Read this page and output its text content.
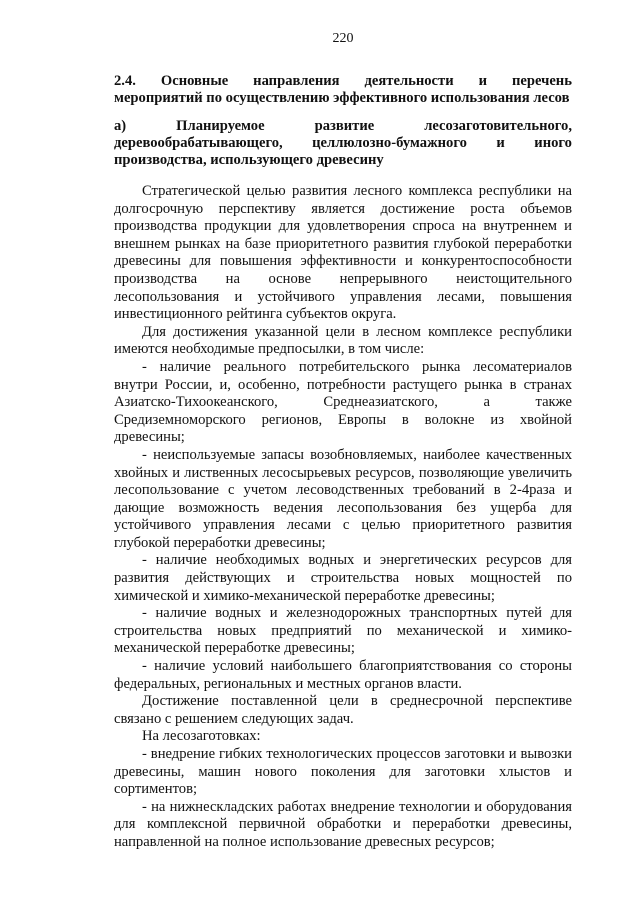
220
2.4. Основные направления деятельности и перечень
мероприятий по осуществлению эффективного использования лесов
а)	Планируемое	развитие	лесозаготовительного,
деревообрабатывающего, целлюлозно-бумажного и иного
производства, использующего древесину

Стратегической целью развития лесного комплекса республики на долгосрочную перспективу является достижение роста объемов производства продукции для удовлетворения спроса на внутреннем и внешнем рынках на базе приоритетного развития глубокой переработки древесины для повышения эффективности и конкурентоспособности производства на основе непрерывного неистощительного лесопользования и устойчивого управления лесами, повышения инвестиционного рейтинга субъектов округа.

Для достижения указанной цели в лесном комплексе республики имеются необходимые предпосылки, в том числе:

- наличие реального потребительского рынка лесоматериалов внутри России, и, особенно, потребности растущего рынка в странах Азиатско-Тихоокеанского, Среднеазиатского, а также Средиземноморского регионов, Европы в волокне из хвойной древесины;

- неиспользуемые запасы возобновляемых, наиболее качественных хвойных и лиственных лесосырьевых ресурсов, позволяющие увеличить лесопользование с учетом лесоводственных требований в 2-4раза и дающие возможность ведения лесопользования без ущерба для устойчивого управления лесами с целью приоритетного развития глубокой переработки древесины;

- наличие необходимых водных и энергетических ресурсов для развития действующих и строительства новых мощностей по химической и химико-механической переработке древесины;

- наличие водных и железнодорожных транспортных путей для строительства новых предприятий по механической и химико-механической переработке древесины;

- наличие условий наибольшего благоприятствования со стороны федеральных, региональных и местных органов власти.

Достижение поставленной цели в среднесрочной перспективе связано с решением следующих задач.

На лесозаготовках:

- внедрение гибких технологических процессов заготовки и вывозки древесины, машин нового поколения для заготовки хлыстов и сортиментов;

- на нижнескладских работах внедрение технологии и оборудования для комплексной первичной обработки и переработки древесины, направленной на полное использование древесных ресурсов;
